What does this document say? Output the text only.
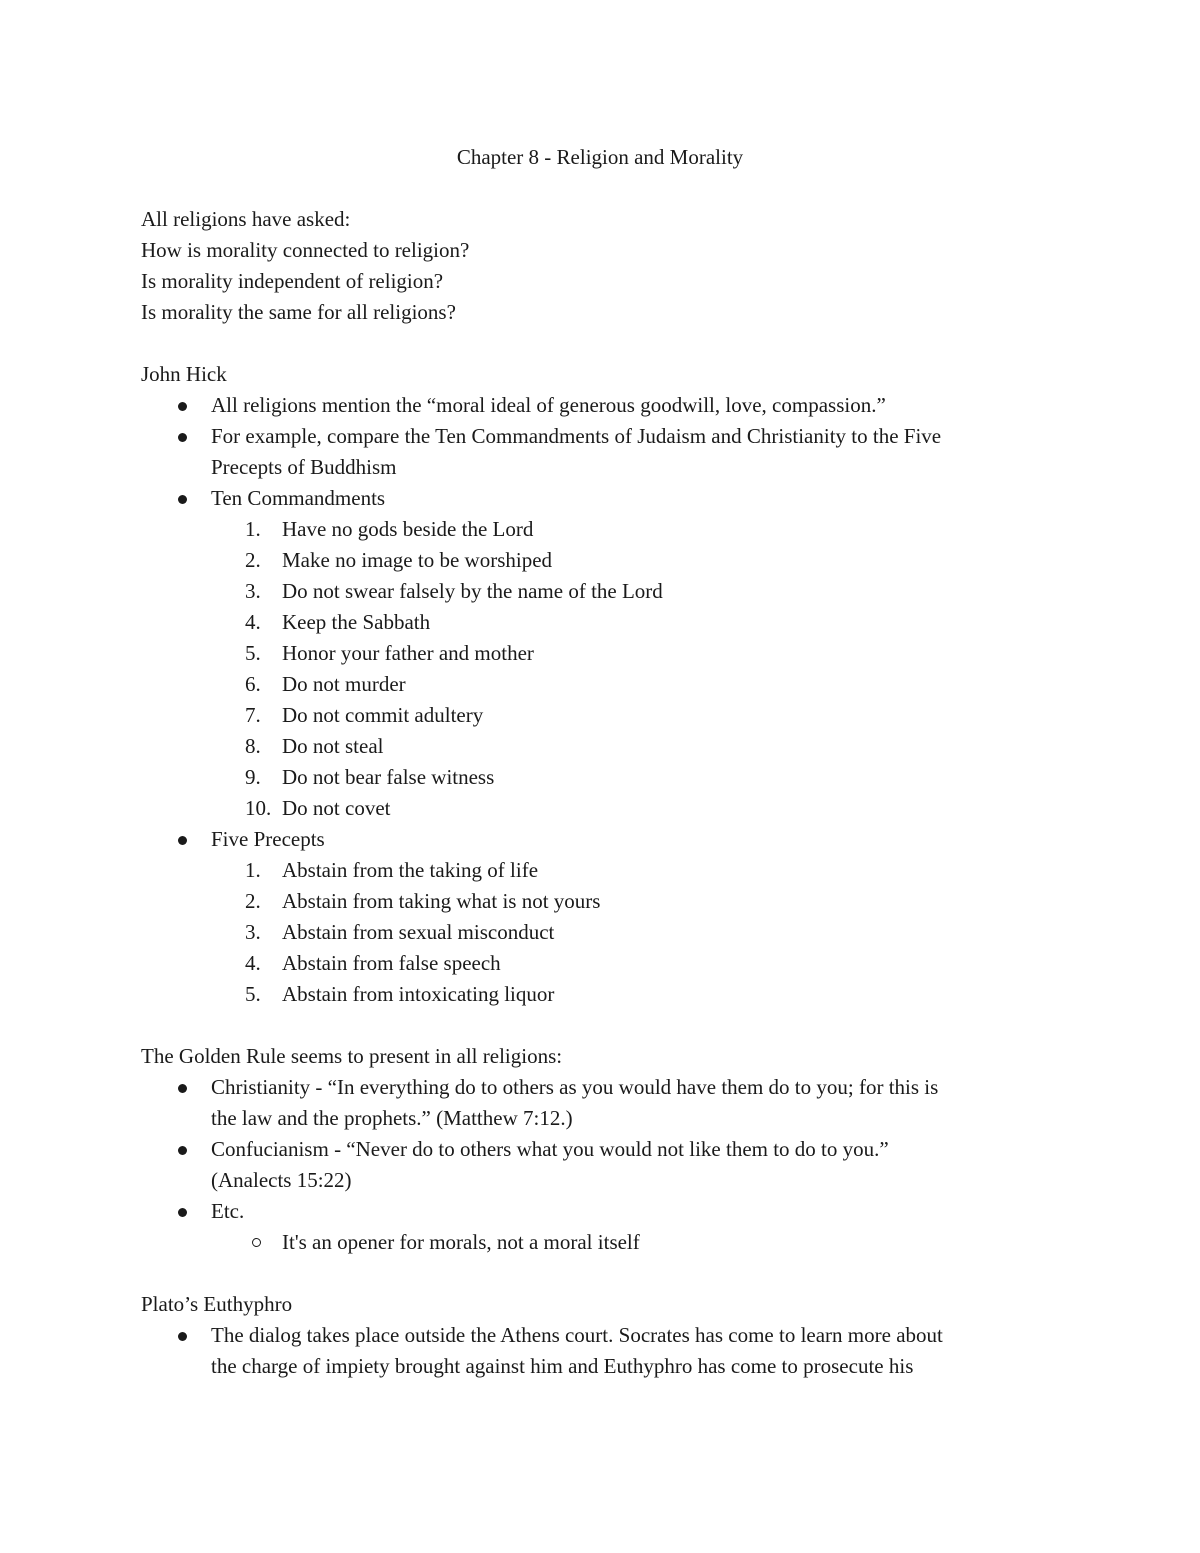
Chapter 8 - Religion and Morality
All religions have asked:
How is morality connected to religion?
Is morality independent of religion?
Is morality the same for all religions?
John Hick
All religions mention the “moral ideal of generous goodwill, love, compassion.”
For example, compare the Ten Commandments of Judaism and Christianity to the Five
Precepts of Buddhism
Ten Commandments
1.	Have no gods beside the Lord
2.	Make no image to be worshiped
3.	Do not swear falsely by the name of the Lord
4.	Keep the Sabbath
5.	Honor your father and mother
6.	Do not murder
7.	Do not commit adultery
8.	Do not steal
9.	Do not bear false witness
10. Do not covet
Five Precepts
1.	Abstain from the taking of life
2.	Abstain from taking what is not yours
3.	Abstain from sexual misconduct
4.	Abstain from false speech
5.	Abstain from intoxicating liquor
The Golden Rule seems to present in all religions:
Christianity - “In everything do to others as you would have them do to you; for this is
the law and the prophets.” (Matthew 7:12.)
Confucianism - “Never do to others what you would not like them to do to you.”
(Analects 15:22)
Etc.
It's an opener for morals, not a moral itself
Plato’s Euthyphro
The dialog takes place outside the Athens court. Socrates has come to learn more about
the charge of impiety brought against him and Euthyphro has come to prosecute his
